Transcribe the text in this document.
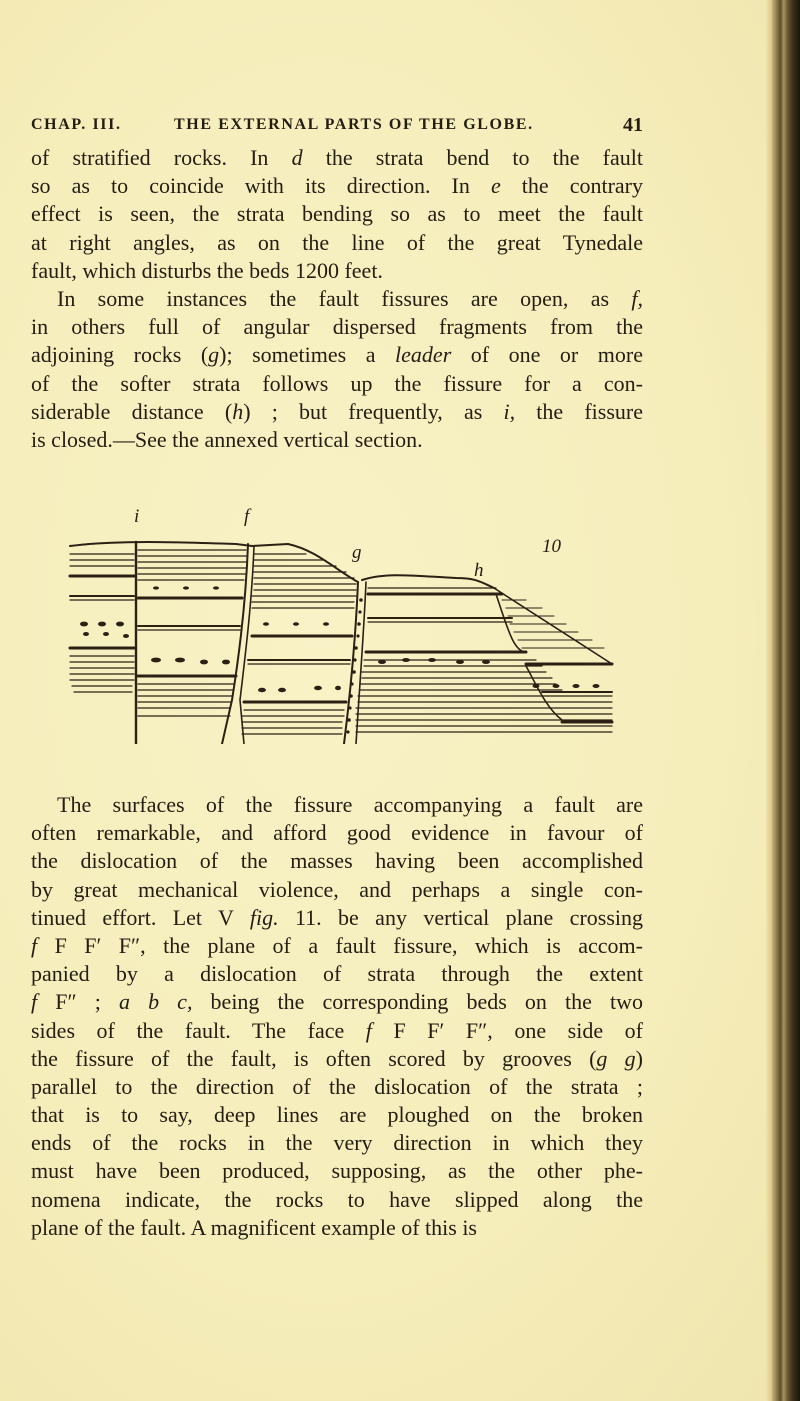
CHAP. III.	THE EXTERNAL PARTS OF THE GLOBE.	41
of stratified rocks. In d the strata bend to the fault
so as to coincide with its direction. In e the contrary
effect is seen, the strata bending so as to meet the fault
at right angles, as on the line of the great Tynedale
fault, which disturbs the beds 1200 feet.
In some instances the fault fissures are open, as f,
in others full of angular dispersed fragments from the
adjoining rocks (g); sometimes a leader of one or more
of the softer strata follows up the fissure for a con-
siderable distance (h) ; but frequently, as i, the fissure
is closed.—See the annexed vertical section.
i	f
g
h
10
The surfaces of the fissure accompanying a fault are
often remarkable, and afford good evidence in favour of
the dislocation of the masses having been accomplished
by great mechanical violence, and perhaps a single con-
tinued effort. Let V fig. 11. be any vertical plane crossing
f F F′ F″, the plane of a fault fissure, which is accom-
panied by a dislocation of strata through the extent
f F″ ; a b c, being the corresponding beds on the two
sides of the fault. The face f F F′ F″, one side of
the fissure of the fault, is often scored by grooves (g g)
parallel to the direction of the dislocation of the strata ;
that is to say, deep lines are ploughed on the broken
ends of the rocks in the very direction in which they
must have been produced, supposing, as the other phe-
nomena indicate, the rocks to have slipped along the
plane of the fault. A magnificent example of this is
